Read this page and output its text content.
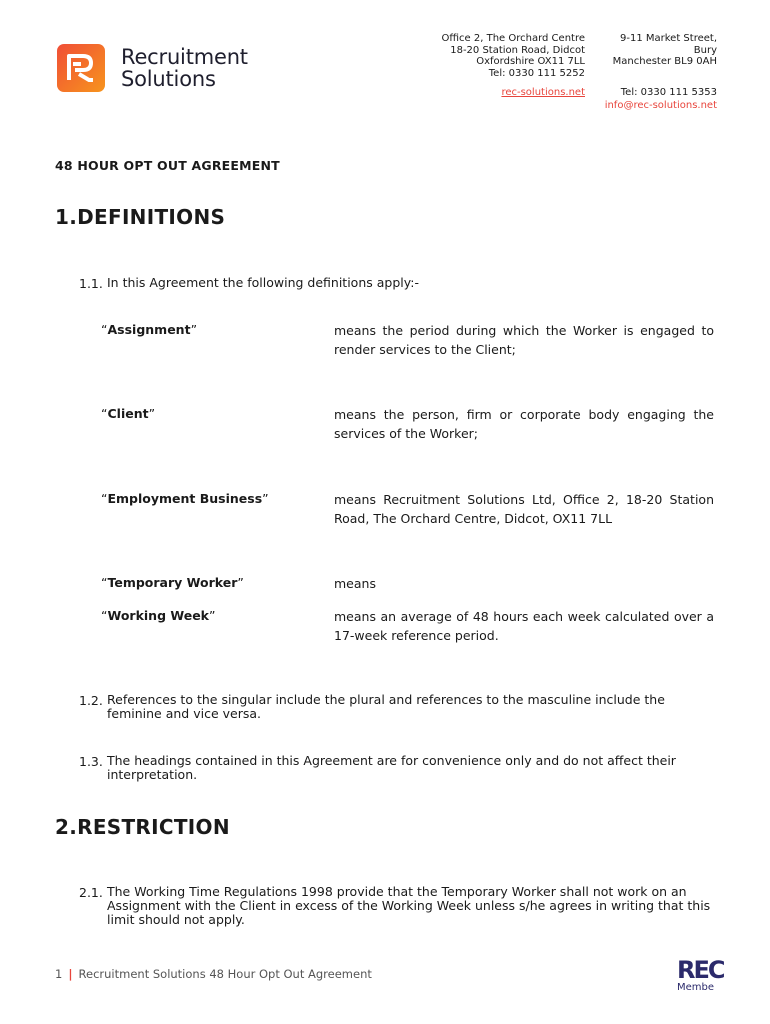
Recruitment
Solutions
Office 2, The Orchard Centre
18-20 Station Road, Didcot
Oxfordshire OX11 7LL
Tel: 0330 111 5252
rec-solutions.net
9-11 Market Street,
Bury
Manchester BL9 0AH
Tel: 0330 111 5353
info@rec-solutions.net
48 HOUR OPT OUT AGREEMENT
1.DEFINITIONS
1.1. In this Agreement the following definitions apply:-
“Assignment”	means the period during which the Worker is engaged to render services to the Client;
“Client”	means the person, firm or corporate body engaging the services of the Worker;
“Employment Business”	means Recruitment Solutions Ltd, Office 2, 18-20 Station Road, The Orchard Centre, Didcot, OX11 7LL
“Temporary Worker”	means
“Working Week”	means an average of 48 hours each week calculated over a 17-week reference period.
1.2. References to the singular include the plural and references to the masculine include the feminine and vice versa.
1.3. The headings contained in this Agreement are for convenience only and do not affect their interpretation.
2.RESTRICTION
2.1. The Working Time Regulations 1998 provide that the Temporary Worker shall not work on an Assignment with the Client in excess of the Working Week unless s/he agrees in writing that this limit should not apply.
1 | Recruitment Solutions 48 Hour Opt Out Agreement	REC
Membe
